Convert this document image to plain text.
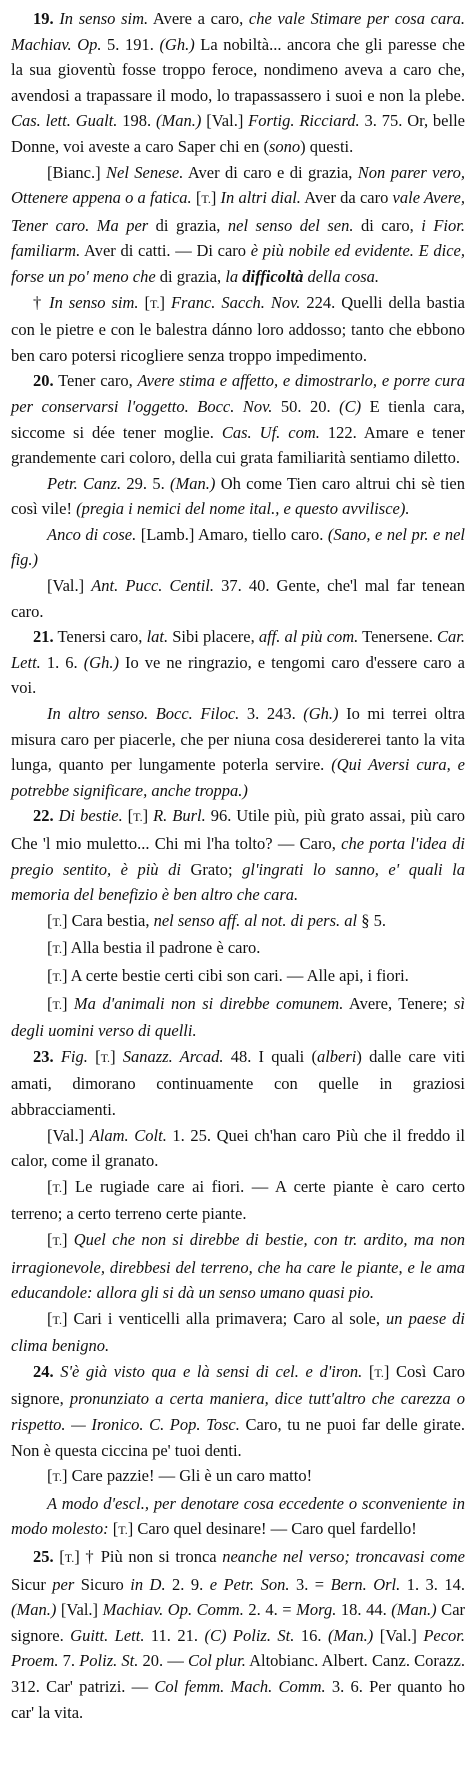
19. In senso sim. Avere a caro, che vale Stimare per cosa cara. Machiav. Op. 5. 191. (Gh.) La nobiltà... ancora che gli paresse che la sua gioventù fosse troppo feroce, nondimeno aveva a caro che, avendosi a trapassare il modo, lo trapassassero i suoi e non la plebe. Cas. lett. Gualt. 198. (Man.) [Val.] Fortig. Ricciard. 3. 75. Or, belle Donne, voi aveste a caro Saper chi en (sono) questi.

[Bianc.] Nel Senese. Aver di caro e di grazia, Non parer vero, Ottenere appena o a fatica. [T.] In altri dial. Aver da caro vale Avere, Tener caro. Ma per di grazia, nel senso del sen. di caro, i Fior. familiarm. Aver di catti. — Di caro è più nobile ed evidente. E dice, forse un po' meno che di grazia, la difficoltà della cosa.

† In senso sim. [T.] Franc. Sacch. Nov. 224. Quelli della bastia con le pietre e con le balestra dánno loro addosso; tanto che ebbono ben caro potersi ricogliere senza troppo impedimento.

20. Tener caro, Avere stima e affetto, e dimostrarlo, e porre cura per conservarsi l'oggetto. Bocc. Nov. 50. 20. (C) E tienla cara, siccome si dée tener moglie. Cas. Uf. com. 122. Amare e tener grandemente cari coloro, della cui grata familiarità sentiamo diletto.

Petr. Canz. 29. 5. (Man.) Oh come Tien caro altrui chi sè tien così vile! (pregia i nemici del nome ital., e questo avvilisce).

Anco di cose. [Lamb.] Amaro, tiello caro. (Sano, e nel pr. e nel fig.)

[Val.] Ant. Pucc. Centil. 37. 40. Gente, che'l mal far tenean caro.

21. Tenersi caro, lat. Sibi placere, aff. al più com. Tenersene. Car. Lett. 1. 6. (Gh.) Io ve ne ringrazio, e tengomi caro d'essere caro a voi.

In altro senso. Bocc. Filoc. 3. 243. (Gh.) Io mi terrei oltra misura caro per piacerle, che per niuna cosa desidererei tanto la vita lunga, quanto per lungamente poterla servire. (Qui Aversi cura, e potrebbe significare, anche troppa.)

22. Di bestie. [T.] R. Burl. 96. Utile più, più grato assai, più caro Che 'l mio muletto... Chi mi l'ha tolto? — Caro, che porta l'idea di pregio sentito, è più di Grato; gl'ingrati lo sanno, e' quali la memoria del benefizio è ben altro che cara.

[T.] Cara bestia, nel senso aff. al not. di pers. al § 5.

[T.] Alla bestia il padrone è caro.

[T.] A certe bestie certi cibi son cari. — Alle api, i fiori.

[T.] Ma d'animali non si direbbe comunem. Avere, Tenere; sì degli uomini verso di quelli.

23. Fig. [T.] Sanazz. Arcad. 48. I quali (alberi) dalle care viti amati, dimorano continuamente con quelle in graziosi abbracciamenti.

[Val.] Alam. Colt. 1. 25. Quei ch'han caro Più che il freddo il calor, come il granato.

[T.] Le rugiade care ai fiori. — A certe piante è caro certo terreno; a certo terreno certe piante.

[T.] Quel che non si direbbe di bestie, con tr. ardito, ma non irragionevole, direbbesi del terreno, che ha care le piante, e le ama educandole: allora gli si dà un senso umano quasi pio.

[T.] Cari i venticelli alla primavera; Caro al sole, un paese di clima benigno.

24. S'è già visto qua e là sensi di cel. e d'iron. [T.] Così Caro signore, pronunziato a certa maniera, dice tutt'altro che carezza o rispetto. — Ironico. C. Pop. Tosc. Caro, tu ne puoi far delle girate. Non è questa ciccina pe' tuoi denti.

[T.] Care pazzie! — Gli è un caro matto!

A modo d'escl., per denotare cosa eccedente o sconveniente in modo molesto: [T.] Caro quel desinare! — Caro quel fardello!

25. [T.] † Più non si tronca neanche nel verso; troncavasi come Sicur per Sicuro in D. 2. 9. e Petr. Son. 3. = Bern. Orl. 1. 3. 14. (Man.) [Val.] Machiav. Op. Comm. 2. 4. = Morg. 18. 44. (Man.) Car signore. Guitt. Lett. 11. 21. (C) Poliz. St. 16. (Man.) [Val.] Pecor. Proem. 7. Poliz. St. 20. — Col plur. Altobianc. Albert. Canz. Corazz. 312. Car' patrizi. — Col femm. Mach. Comm. 3. 6. Per quanto ho car' la vita.
